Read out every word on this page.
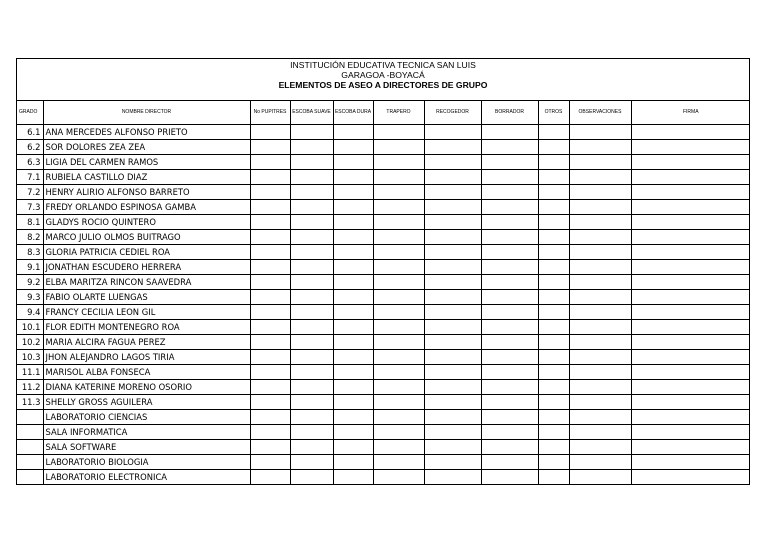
INSTITUCIÓN EDUCATIVA TECNICA SAN LUIS
GARAGOA -BOYACÁ
ELEMENTOS DE ASEO A DIRECTORES DE GRUPO
GRADO	NOMBRE DIRECTOR	No PUPITRES	ESCOBA SUAVE	ESCOBA DURA	TRAPERO	RECOGEDOR	BORRADOR	OTROS	OBSERVACIONES	FIRMA
6.1	ANA MERCEDES ALFONSO PRIETO									
6.2	SOR DOLORES ZEA ZEA									
6.3	LIGIA DEL CARMEN RAMOS									
7.1	RUBIELA CASTILLO DIAZ									
7.2	HENRY ALIRIO ALFONSO BARRETO									
7.3	FREDY ORLANDO ESPINOSA GAMBA									
8.1	GLADYS ROCIO QUINTERO									
8.2	MARCO JULIO OLMOS BUITRAGO									
8.3	GLORIA PATRICIA CEDIEL ROA									
9.1	JONATHAN ESCUDERO HERRERA									
9.2	ELBA MARITZA RINCON SAAVEDRA									
9.3	FABIO OLARTE LUENGAS									
9.4	FRANCY CECILIA LEON GIL									
10.1	FLOR EDITH MONTENEGRO ROA									
10.2	MARIA ALCIRA FAGUA PEREZ									
10.3	JHON ALEJANDRO LAGOS TIRIA									
11.1	MARISOL ALBA FONSECA									
11.2	DIANA KATERINE MORENO OSORIO									
11.3	SHELLY GROSS AGUILERA									
	LABORATORIO CIENCIAS									
	SALA INFORMATICA									
	SALA SOFTWARE									
	LABORATORIO BIOLOGIA									
	LABORATORIO ELECTRONICA									
